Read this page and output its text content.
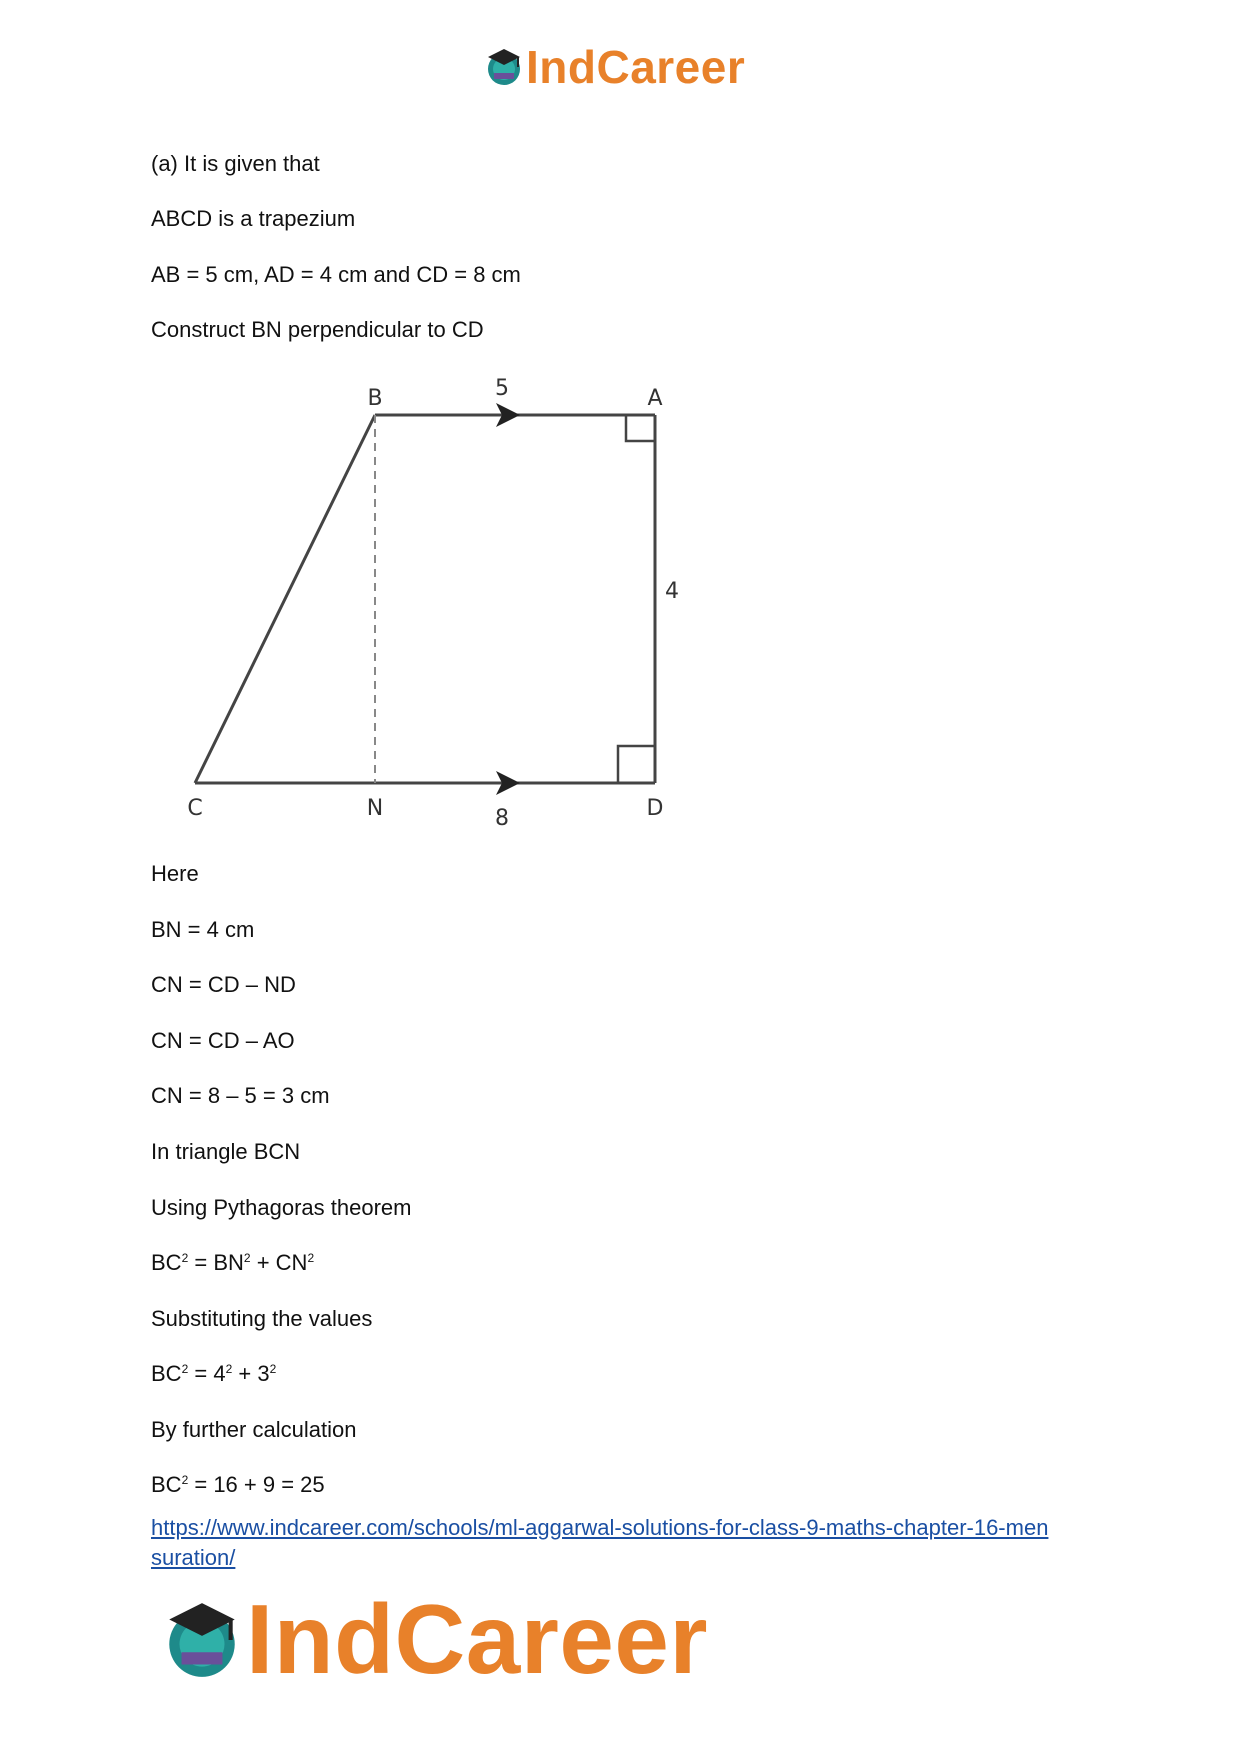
IndCareer
(a) It is given that
ABCD is a trapezium
AB = 5 cm, AD = 4 cm and CD = 8 cm
Construct BN perpendicular to CD
B	A
C	D
N
5
4
8
Here
BN = 4 cm
CN = CD – ND
CN = CD – AO
CN = 8 – 5 = 3 cm
In triangle BCN
Using Pythagoras theorem
$BC^2 = BN^2 + CN^2$
Substituting the values
$BC^2 = 4^2 + 3^2$
By further calculation
$BC^2 = 16 + 9 = 25$
https://www.indcareer.com/schools/ml-aggarwal-solutions-for-class-9-maths-chapter-16-men
suration/
IndCareer
